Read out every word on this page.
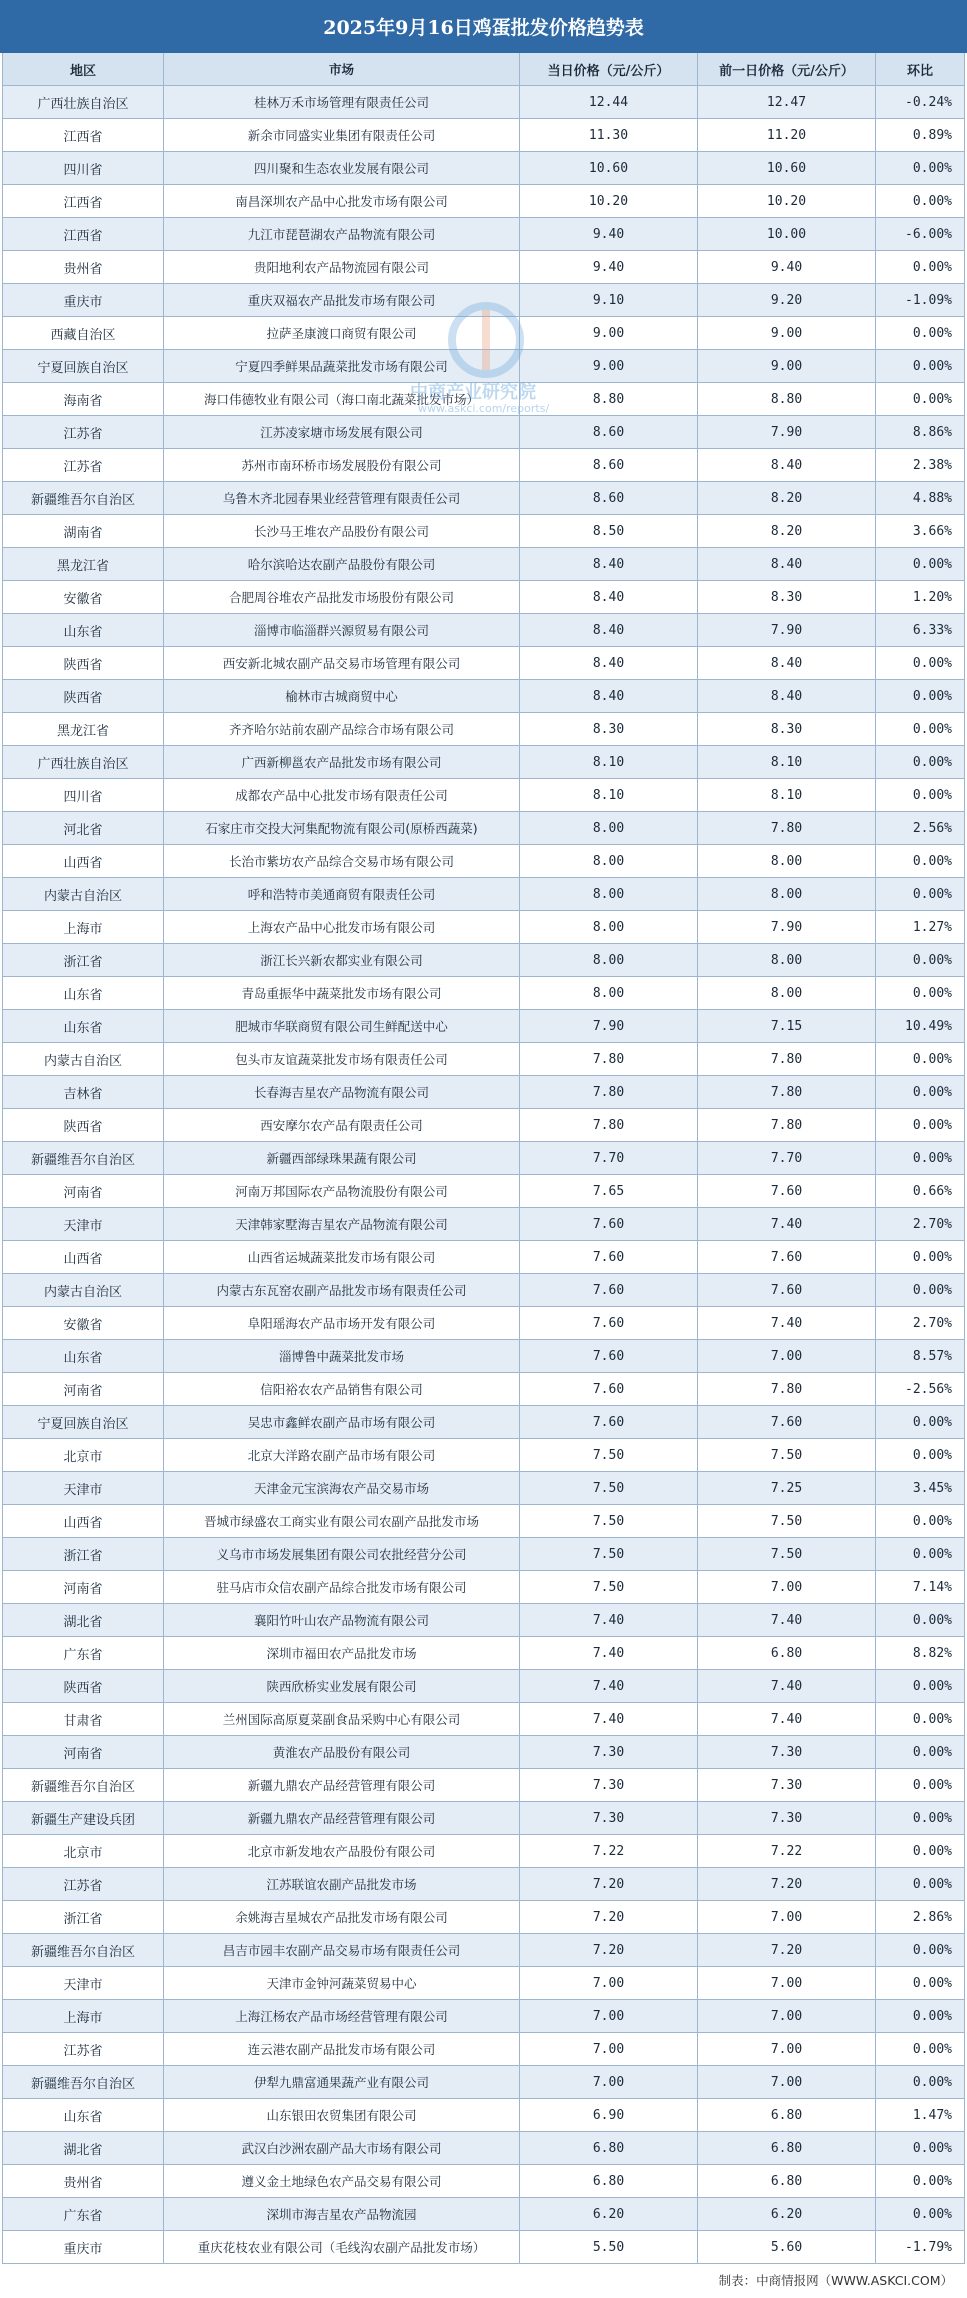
2025年9月16日鸡蛋批发价格趋势表
地区	市场	当日价格（元/公斤）	前一日价格（元/公斤）	环比
广西壮族自治区	桂林万禾市场管理有限责任公司	12.44	12.47	-0.24%
江西省	新余市同盛实业集团有限责任公司	11.30	11.20	0.89%
四川省	四川聚和生态农业发展有限公司	10.60	10.60	0.00%
江西省	南昌深圳农产品中心批发市场有限公司	10.20	10.20	0.00%
江西省	九江市琵琶湖农产品物流有限公司	9.40	10.00	-6.00%
贵州省	贵阳地利农产品物流园有限公司	9.40	9.40	0.00%
重庆市	重庆双福农产品批发市场有限公司	9.10	9.20	-1.09%
西藏自治区	拉萨圣康渡口商贸有限公司	9.00	9.00	0.00%
宁夏回族自治区	宁夏四季鲜果品蔬菜批发市场有限公司	9.00	9.00	0.00%
海南省	海口伟德牧业有限公司（海口南北蔬菜批发市场）	8.80	8.80	0.00%
江苏省	江苏凌家塘市场发展有限公司	8.60	7.90	8.86%
江苏省	苏州市南环桥市场发展股份有限公司	8.60	8.40	2.38%
新疆维吾尔自治区	乌鲁木齐北园春果业经营管理有限责任公司	8.60	8.20	4.88%
湖南省	长沙马王堆农产品股份有限公司	8.50	8.20	3.66%
黑龙江省	哈尔滨哈达农副产品股份有限公司	8.40	8.40	0.00%
安徽省	合肥周谷堆农产品批发市场股份有限公司	8.40	8.30	1.20%
山东省	淄博市临淄群兴源贸易有限公司	8.40	7.90	6.33%
陕西省	西安新北城农副产品交易市场管理有限公司	8.40	8.40	0.00%
陕西省	榆林市古城商贸中心	8.40	8.40	0.00%
黑龙江省	齐齐哈尔站前农副产品综合市场有限公司	8.30	8.30	0.00%
广西壮族自治区	广西新柳邕农产品批发市场有限公司	8.10	8.10	0.00%
四川省	成都农产品中心批发市场有限责任公司	8.10	8.10	0.00%
河北省	石家庄市交投大河集配物流有限公司(原桥西蔬菜)	8.00	7.80	2.56%
山西省	长治市紫坊农产品综合交易市场有限公司	8.00	8.00	0.00%
内蒙古自治区	呼和浩特市美通商贸有限责任公司	8.00	8.00	0.00%
上海市	上海农产品中心批发市场有限公司	8.00	7.90	1.27%
浙江省	浙江长兴新农都实业有限公司	8.00	8.00	0.00%
山东省	青岛重振华中蔬菜批发市场有限公司	8.00	8.00	0.00%
山东省	肥城市华联商贸有限公司生鲜配送中心	7.90	7.15	10.49%
内蒙古自治区	包头市友谊蔬菜批发市场有限责任公司	7.80	7.80	0.00%
吉林省	长春海吉星农产品物流有限公司	7.80	7.80	0.00%
陕西省	西安摩尔农产品有限责任公司	7.80	7.80	0.00%
新疆维吾尔自治区	新疆西部绿珠果蔬有限公司	7.70	7.70	0.00%
河南省	河南万邦国际农产品物流股份有限公司	7.65	7.60	0.66%
天津市	天津韩家墅海吉星农产品物流有限公司	7.60	7.40	2.70%
山西省	山西省运城蔬菜批发市场有限公司	7.60	7.60	0.00%
内蒙古自治区	内蒙古东瓦窑农副产品批发市场有限责任公司	7.60	7.60	0.00%
安徽省	阜阳瑶海农产品市场开发有限公司	7.60	7.40	2.70%
山东省	淄博鲁中蔬菜批发市场	7.60	7.00	8.57%
河南省	信阳裕农农产品销售有限公司	7.60	7.80	-2.56%
宁夏回族自治区	吴忠市鑫鲜农副产品市场有限公司	7.60	7.60	0.00%
北京市	北京大洋路农副产品市场有限公司	7.50	7.50	0.00%
天津市	天津金元宝滨海农产品交易市场	7.50	7.25	3.45%
山西省	晋城市绿盛农工商实业有限公司农副产品批发市场	7.50	7.50	0.00%
浙江省	义乌市市场发展集团有限公司农批经营分公司	7.50	7.50	0.00%
河南省	驻马店市众信农副产品综合批发市场有限公司	7.50	7.00	7.14%
湖北省	襄阳竹叶山农产品物流有限公司	7.40	7.40	0.00%
广东省	深圳市福田农产品批发市场	7.40	6.80	8.82%
陕西省	陕西欣桥实业发展有限公司	7.40	7.40	0.00%
甘肃省	兰州国际高原夏菜副食品采购中心有限公司	7.40	7.40	0.00%
河南省	黄淮农产品股份有限公司	7.30	7.30	0.00%
新疆维吾尔自治区	新疆九鼎农产品经营管理有限公司	7.30	7.30	0.00%
新疆生产建设兵团	新疆九鼎农产品经营管理有限公司	7.30	7.30	0.00%
北京市	北京市新发地农产品股份有限公司	7.22	7.22	0.00%
江苏省	江苏联谊农副产品批发市场	7.20	7.20	0.00%
浙江省	余姚海吉星城农产品批发市场有限公司	7.20	7.00	2.86%
新疆维吾尔自治区	昌吉市园丰农副产品交易市场有限责任公司	7.20	7.20	0.00%
天津市	天津市金钟河蔬菜贸易中心	7.00	7.00	0.00%
上海市	上海江杨农产品市场经营管理有限公司	7.00	7.00	0.00%
江苏省	连云港农副产品批发市场有限公司	7.00	7.00	0.00%
新疆维吾尔自治区	伊犁九鼎富通果蔬产业有限公司	7.00	7.00	0.00%
山东省	山东银田农贸集团有限公司	6.90	6.80	1.47%
湖北省	武汉白沙洲农副产品大市场有限公司	6.80	6.80	0.00%
贵州省	遵义金土地绿色农产品交易有限公司	6.80	6.80	0.00%
广东省	深圳市海吉星农产品物流园	6.20	6.20	0.00%
重庆市	重庆花枝农业有限公司（毛线沟农副产品批发市场）	5.50	5.60	-1.79%
中商产业研究院
www.askci.com/reports/
制表：中商情报网（WWW.ASKCI.COM）
